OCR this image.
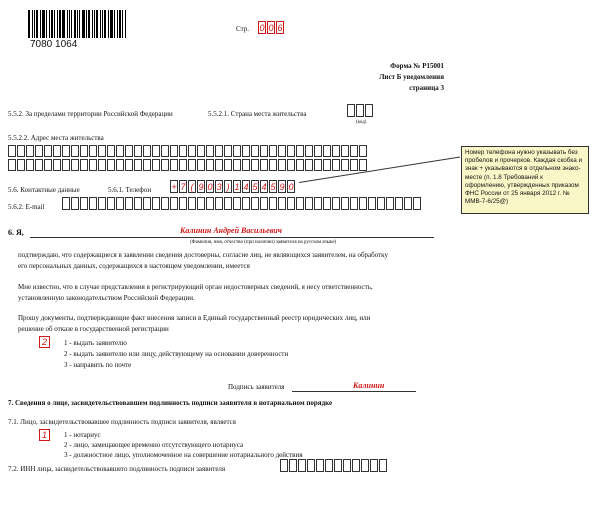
7080 1064
Стр. 0 0 6
Форма № Р15001
Лист Б уведомления
страница 3
5.5.2. За пределами территории Российской Федерации	5.5.2.1. Страна места жительства
(код)
5.5.2.2. Адрес места жительства
Номер телефона нужно указывать без пробелов и прочерков. Каждая скобка и знак + указываются в отдельном знако-месте (п. 1.8 Требований к оформлению, утвержденных приказом ФНС России от 25 января 2012 г. № ММВ-7-6/25@)
5.6. Контактные данные	5.6.1. Телефон + 7 ( 9 0 3 ) 1 4 5 4 5 9 0
5.6.2. E-mail
6. Я,	Калинин Андрей Васильевич
(Фамилия, имя, отчество (при наличии) заявителя на русском языке)
подтверждаю, что содержащиеся в заявлении сведения достоверны, согласие лиц, не являющихся заявителем, на обработку
его персональных данных, содержащихся в настоящем уведомлении, имеется
Мне известно, что в случае представления в регистрирующий орган недостоверных сведений, я несу ответственность,
установленную законодательством Российской Федерации.
Прошу документы, подтверждающие факт внесения записи в Единый государственный реестр юридических лиц, или
решение об отказе в государственной регистрации
2	1 - выдать заявителю
2 - выдать заявителю или лицу, действующему на основании доверенности
3 - направить по почте
Подпись заявителя	Калинин
7. Сведения о лице, засвидетельствовавшем подлинность подписи заявителя в нотариальном порядке
7.1. Лицо, засвидетельствовавшее подлинность подписи заявителя, является
1	1 - нотариус
2 - лицо, замещающее временно отсутствующего нотариуса
3 - должностное лицо, уполномоченное на совершение нотариального действия
7.2. ИНН лица, засвидетельствовавшего подлинность подписи заявителя
